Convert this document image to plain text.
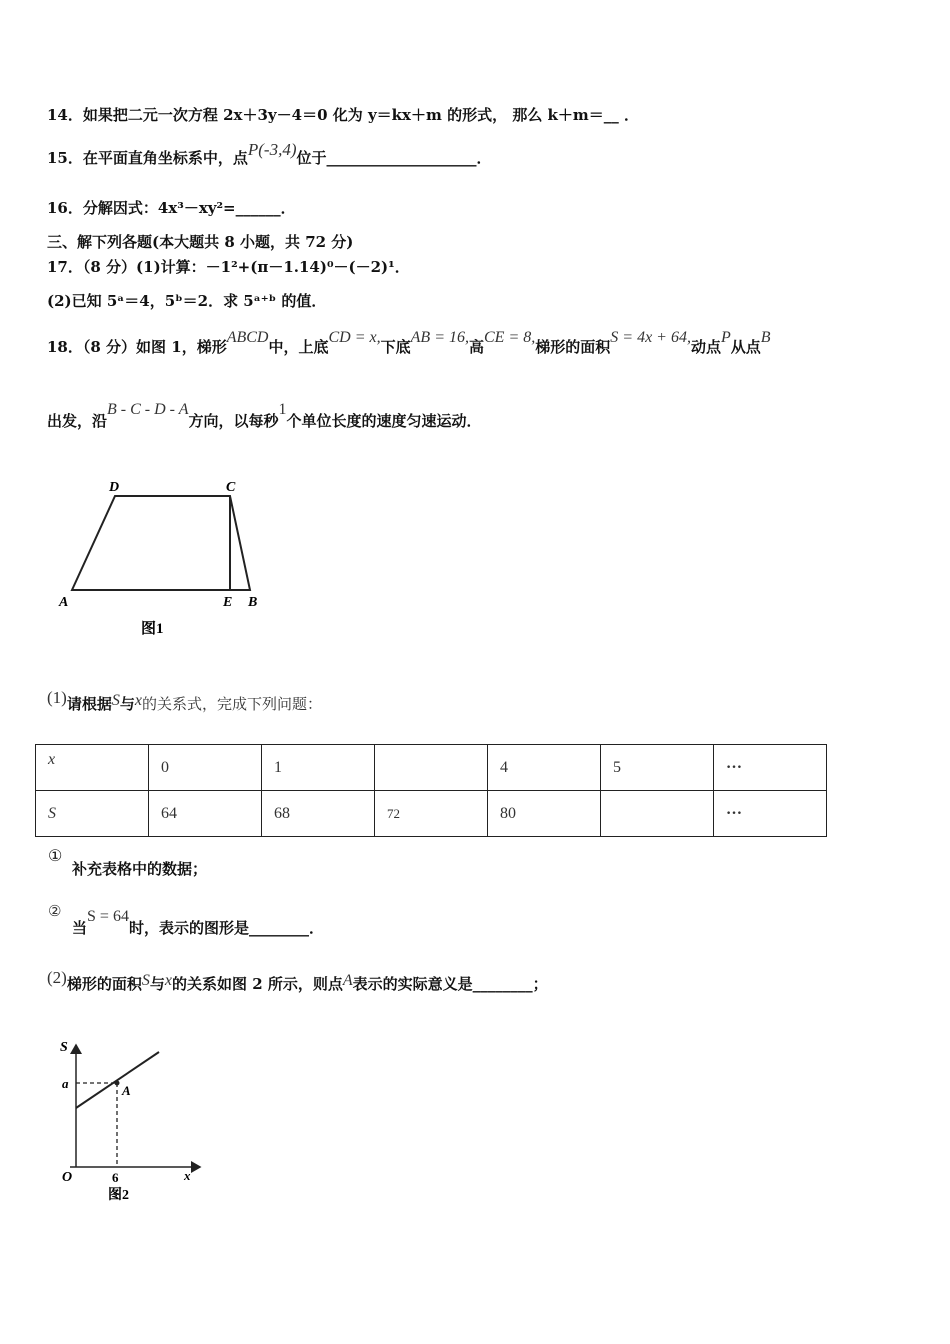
14．如果把二元一次方程 2x＋3y－4＝0 化为 y＝kx＋m 的形式， 那么 k＋m＝__ ．
15．在平面直角坐标系中，点P(-3,4)位于____________________．
16．分解因式：4x³－xy²=______．
三、解下列各题(本大题共 8 小题，共 72 分)
17．（8 分）(1)计算：－1²+(π－1.14)⁰－(－2)¹．
(2)已知 5ᵃ＝4，5ᵇ＝2．求 5ᵃ⁺ᵇ 的值．
18．（8 分）如图 1，梯形ABCD中，上底CD = x,下底AB = 16,高CE = 8,梯形的面积S = 4x + 64,动点P从点B
出发，沿B - C - D - A方向，以每秒1个单位长度的速度匀速运动．
D	C
A	E B
图1
(1)请根据S与x的关系式，完成下列问题：
x	0	1		4	5	…
S	64	68	72	80		…
①
补充表格中的数据；
②
当S = 64时，表示的图形是________．
(2)梯形的面积S与x的关系如图 2 所示，则点A表示的实际意义是________；
S
a	A
O	6	x
图2
